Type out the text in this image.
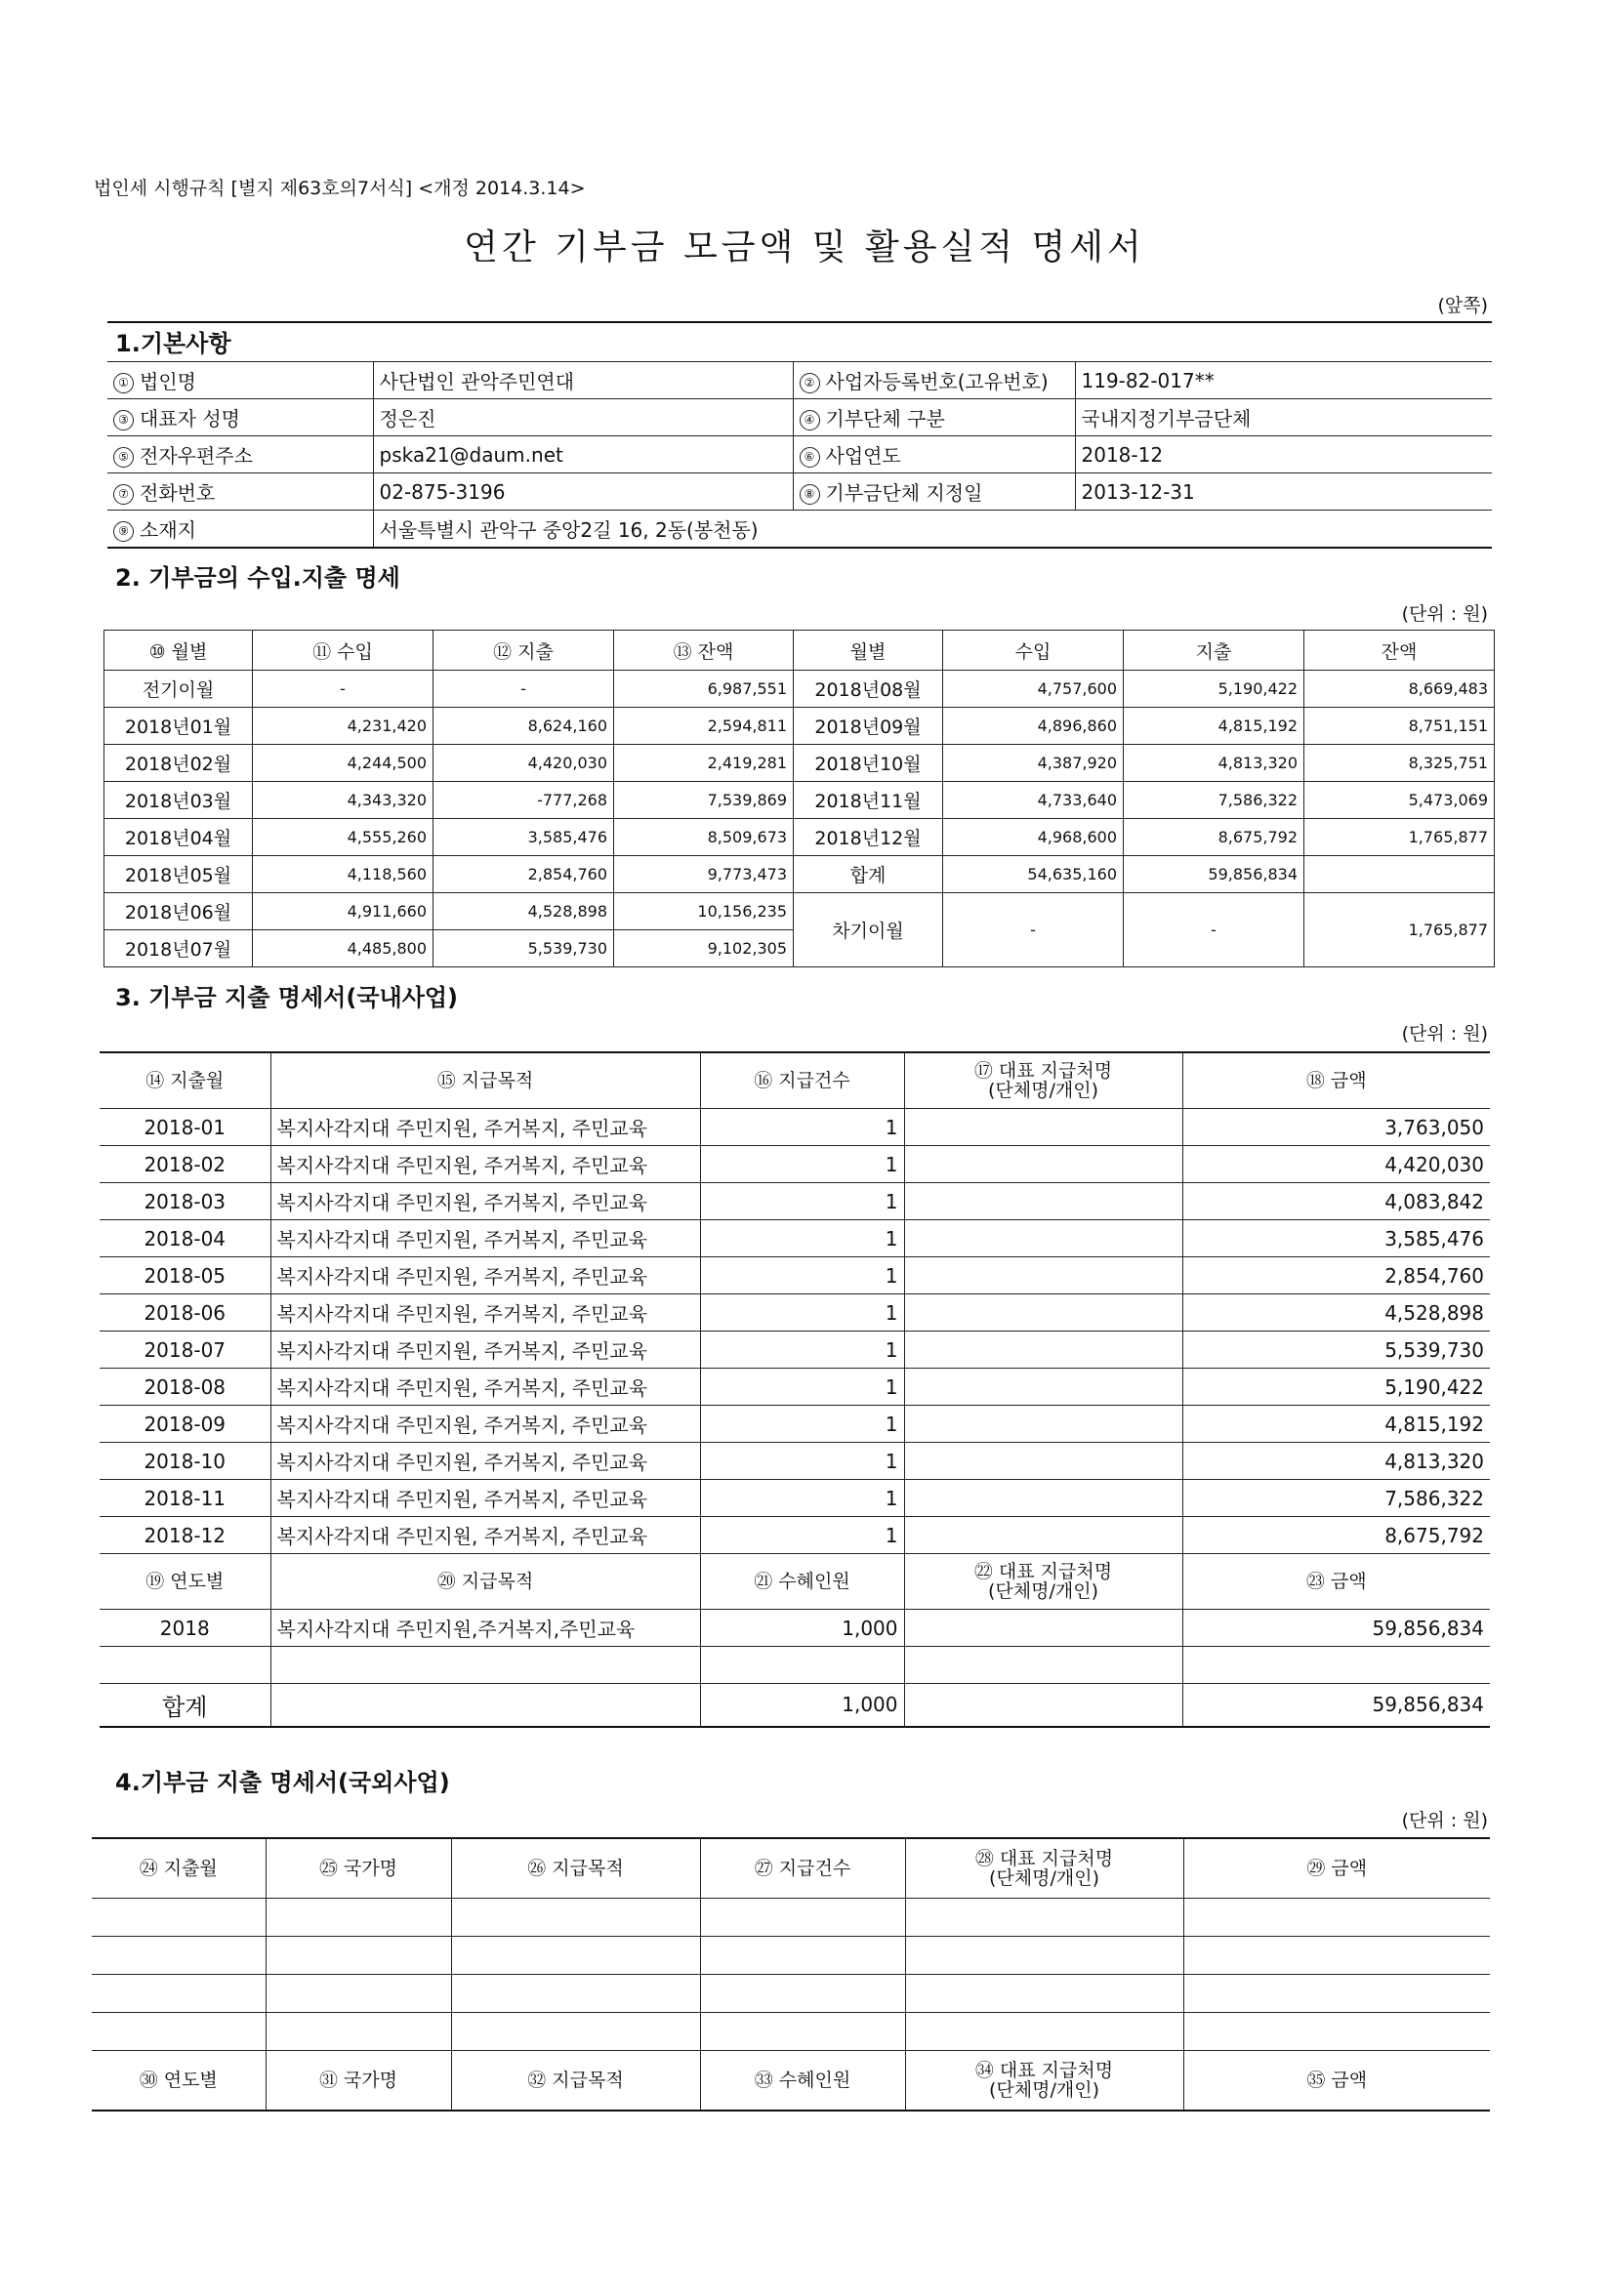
법인세 시행규칙 [별지 제63호의7서식] <개정 2014.3.14>
연간 기부금 모금액 및 활용실적 명세서
(앞쪽)
1.기본사항
① 법인명	사단법인 관악주민연대	② 사업자등록번호(고유번호)	119-82-017**
③ 대표자 성명	정은진	④ 기부단체 구분	국내지정기부금단체
⑤ 전자우편주소	pska21@daum.net	⑥ 사업연도	2018-12
⑦ 전화번호	02-875-3196	⑧ 기부금단체 지정일	2013-12-31
⑨ 소재지	서울특별시 관악구 중앙2길 16, 2동(봉천동)		
2. 기부금의 수입.지출 명세
(단위 : 원)
⑩ 월별	⑪ 수입	⑫ 지출	⑬ 잔액	월별	수입	지출	잔액
전기이월	-	-	6,987,551	2018년08월	4,757,600	5,190,422	8,669,483
2018년01월	4,231,420	8,624,160	2,594,811	2018년09월	4,896,860	4,815,192	8,751,151
2018년02월	4,244,500	4,420,030	2,419,281	2018년10월	4,387,920	4,813,320	8,325,751
2018년03월	4,343,320	-777,268	7,539,869	2018년11월	4,733,640	7,586,322	5,473,069
2018년04월	4,555,260	3,585,476	8,509,673	2018년12월	4,968,600	8,675,792	1,765,877
2018년05월	4,118,560	2,854,760	9,773,473	합계	54,635,160	59,856,834	
2018년06월	4,911,660	4,528,898	10,156,235	차기이월	-	-	1,765,877
2018년07월	4,485,800	5,539,730	9,102,305				
3. 기부금 지출 명세서(국내사업)
(단위 : 원)
⑭ 지출월	⑮ 지급목적	⑯ 지급건수	⑰ 대표 지급처명
(단체명/개인)	⑱ 금액
2018-01	복지사각지대 주민지원, 주거복지, 주민교육	1		3,763,050
2018-02	복지사각지대 주민지원, 주거복지, 주민교육	1		4,420,030
2018-03	복지사각지대 주민지원, 주거복지, 주민교육	1		4,083,842
2018-04	복지사각지대 주민지원, 주거복지, 주민교육	1		3,585,476
2018-05	복지사각지대 주민지원, 주거복지, 주민교육	1		2,854,760
2018-06	복지사각지대 주민지원, 주거복지, 주민교육	1		4,528,898
2018-07	복지사각지대 주민지원, 주거복지, 주민교육	1		5,539,730
2018-08	복지사각지대 주민지원, 주거복지, 주민교육	1		5,190,422
2018-09	복지사각지대 주민지원, 주거복지, 주민교육	1		4,815,192
2018-10	복지사각지대 주민지원, 주거복지, 주민교육	1		4,813,320
2018-11	복지사각지대 주민지원, 주거복지, 주민교육	1		7,586,322
2018-12	복지사각지대 주민지원, 주거복지, 주민교육	1		8,675,792
⑲ 연도별	⑳ 지급목적	㉑ 수혜인원	㉒ 대표 지급처명
(단체명/개인)	㉓ 금액
2018	복지사각지대 주민지원,주거복지,주민교육	1,000		59,856,834

합계		1,000		59,856,834
4.기부금 지출 명세서(국외사업)
(단위 : 원)
㉔ 지출월	㉕ 국가명	㉖ 지급목적	㉗ 지급건수	㉘ 대표 지급처명
(단체명/개인)	㉙ 금액

㉚ 연도별	㉛ 국가명	㉜ 지급목적	㉝ 수혜인원	㉞ 대표 지급처명
(단체명/개인)	㉟ 금액
